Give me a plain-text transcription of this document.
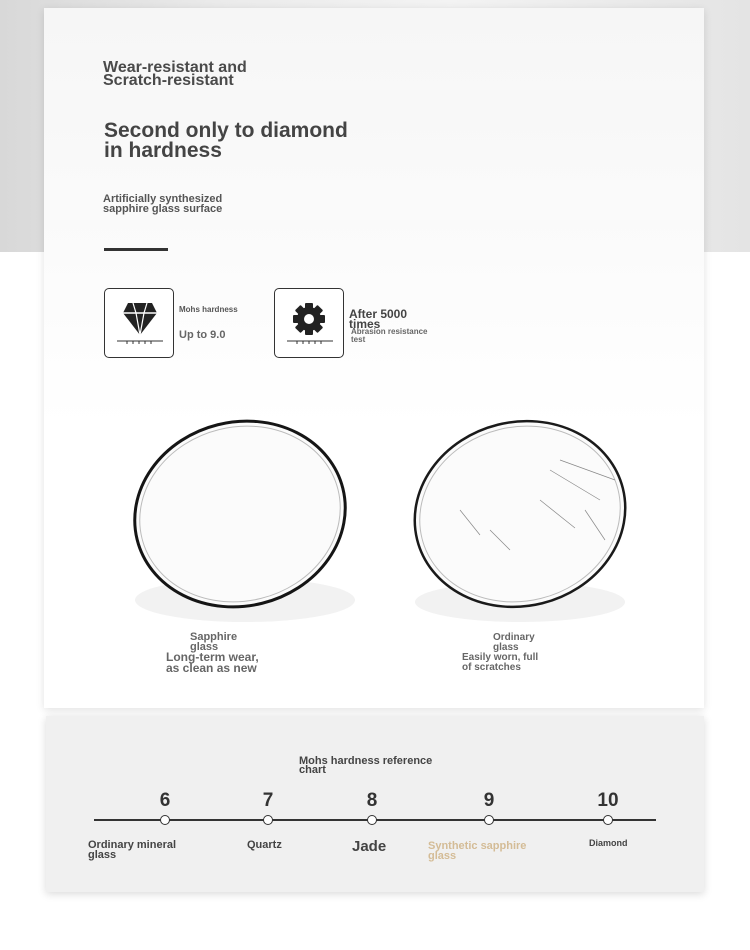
Wear-resistant and
Scratch-resistant
Second only to diamond
in hardness
Artificially synthesized
sapphire glass surface
Mohs hardness
Up to 9.0
After 5000
times
Abrasion resistance
test
Sapphire
glass
Long-term wear,
as clean as new
Ordinary
glass
Easily worn, full
of scratches
Mohs hardness reference
chart
6	7	8	9	10
Ordinary mineral
glass
Quartz	Jade	Synthetic sapphire
glass
Diamond
